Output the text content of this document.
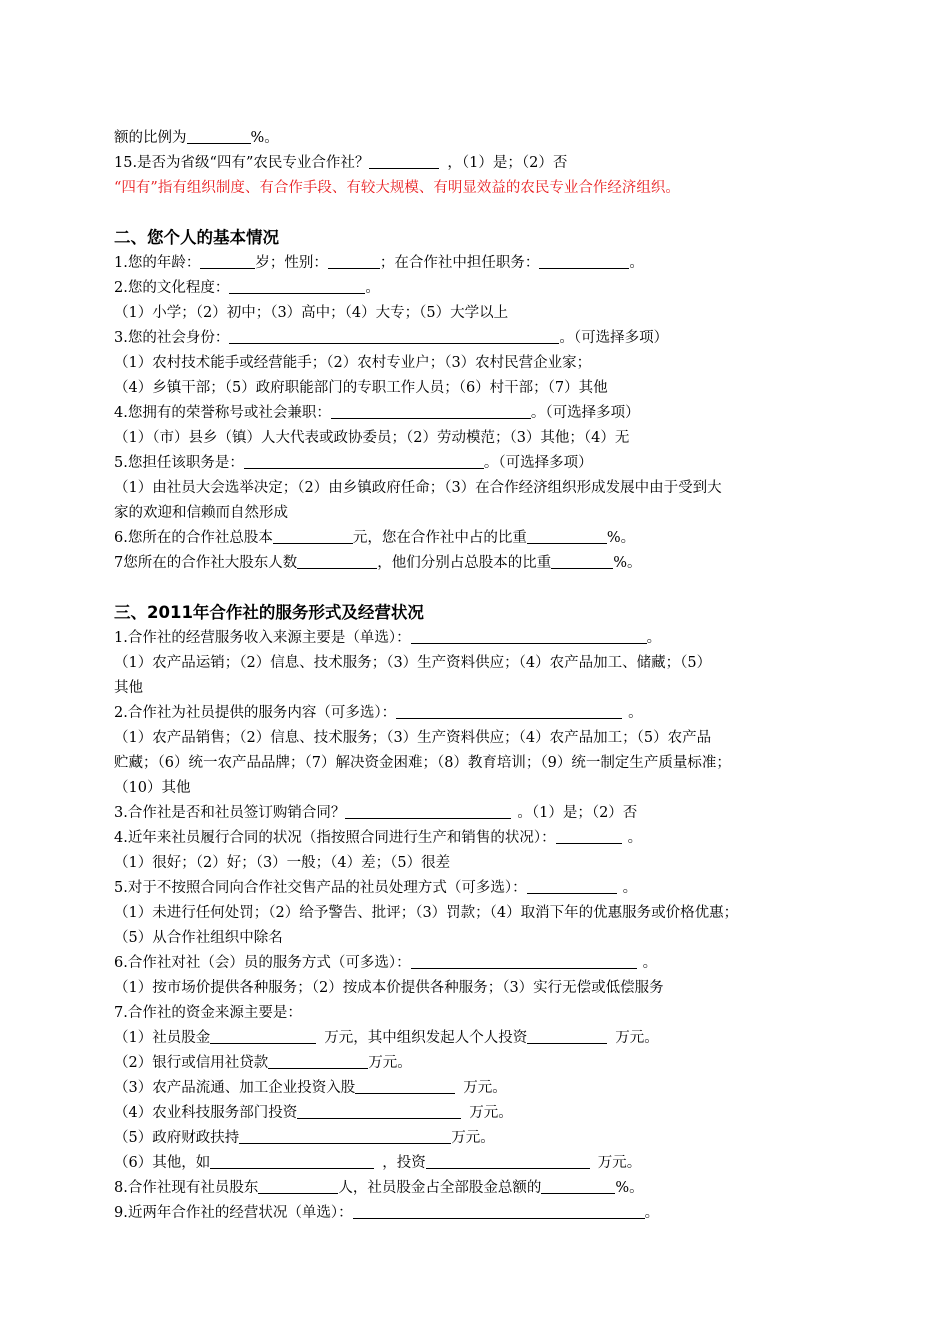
额的比例为	%。
15.是否为省级“四有”农民专业合作社？	，（1）是；（2）否
“四有”指有组织制度、有合作手段、有较大规模、有明显效益的农民专业合作经济组织。
二、您个人的基本情况
1.您的年龄：	岁；性别：	；在合作社中担任职务：	。
2.您的文化程度：	。
（1）小学；（2）初中；（3）高中；（4）大专；（5）大学以上
3.您的社会身份：	。（可选择多项）
（1）农村技术能手或经营能手；（2）农村专业户；（3）农村民营企业家；
（4）乡镇干部；（5）政府职能部门的专职工作人员；（6）村干部；（7）其他
4.您拥有的荣誉称号或社会兼职：	。（可选择多项）
（1）（市）县乡（镇）人大代表或政协委员；（2）劳动模范；（3）其他；（4）无
5.您担任该职务是：	。（可选择多项）
（1）由社员大会选举决定；（2）由乡镇政府任命；（3）在合作经济组织形成发展中由于受到大
家的欢迎和信赖而自然形成
6.您所在的合作社总股本	元，您在合作社中占的比重	%。
7您所在的合作社大股东人数	，他们分别占总股本的比重	%。
三、2011年合作社的服务形式及经营状况
1.合作社的经营服务收入来源主要是（单选）：	。
（1）农产品运销；（2）信息、技术服务；（3）生产资料供应；（4）农产品加工、储藏；（5）
其他
2.合作社为社员提供的服务内容（可多选）：	。
（1）农产品销售；（2）信息、技术服务；（3）生产资料供应；（4）农产品加工；（5）农产品
贮藏；（6）统一农产品品牌；（7）解决资金困难；（8）教育培训；（9）统一制定生产质量标准；
（10）其他
3.合作社是否和社员签订购销合同？	。（1）是；（2）否
4.近年来社员履行合同的状况（指按照合同进行生产和销售的状况）：	。
（1）很好；（2）好；（3）一般；（4）差；（5）很差
5.对于不按照合同向合作社交售产品的社员处理方式（可多选）：	。
（1）未进行任何处罚；（2）给予警告、批评；（3）罚款；（4）取消下年的优惠服务或价格优惠；
（5）从合作社组织中除名
6.合作社对社（会）员的服务方式（可多选）：	。
（1）按市场价提供各种服务；（2）按成本价提供各种服务；（3）实行无偿或低偿服务
7.合作社的资金来源主要是：
（1）社员股金	万元，其中组织发起人个人投资	万元。
（2）银行或信用社贷款	万元。
（3）农产品流通、加工企业投资入股	万元。
（4）农业科技服务部门投资	万元。
（5）政府财政扶持	万元。
（6）其他，如	，投资	万元。
8.合作社现有社员股东	人，社员股金占全部股金总额的	%。
9.近两年合作社的经营状况（单选）：	。
